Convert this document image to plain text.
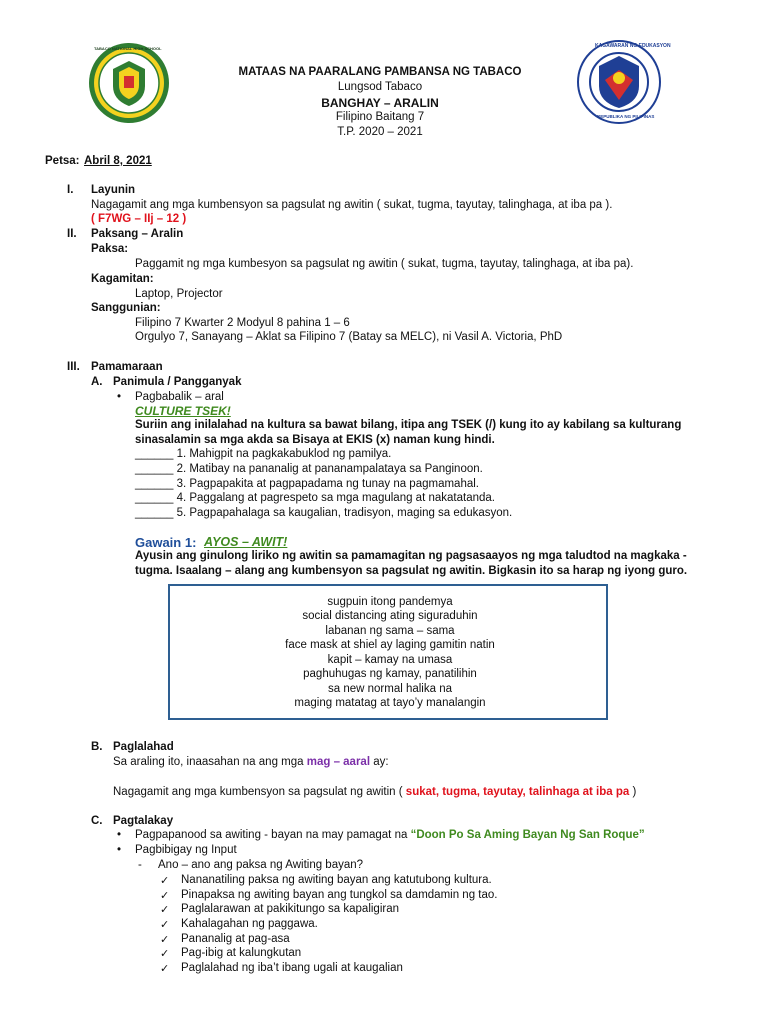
TABACO NATIONAL HIGH SCHOOL	KAGAWARAN NG EDUKASYON
REPUBLIKA NG PILIPINAS
MATAAS NA PAARALANG PAMBANSA NG TABACO
Lungsod Tabaco
BANGHAY – ARALIN
Filipino Baitang 7
T.P. 2020 – 2021
Petsa: Abril 8, 2021
I. Layunin
Nagagamit ang mga kumbensyon sa pagsulat ng awitin ( sukat, tugma, tayutay, talinghaga, at iba pa ).
( F7WG – IIj – 12 )
II. Paksang – Aralin
Paksa:
Paggamit ng mga kumbesyon sa pagsulat ng awitin ( sukat, tugma, tayutay, talinghaga, at iba pa).
Kagamitan:
Laptop, Projector
Sanggunian:
Filipino 7 Kwarter 2 Modyul 8 pahina 1 – 6
Orgulyo 7, Sanayang – Aklat sa Filipino 7 (Batay sa MELC), ni Vasil A. Victoria, PhD
III. Pamamaraan
A. Panimula / Pangganyak
• Pagbabalik – aral
CULTURE TSEK!
Suriin ang inilalahad na kultura sa bawat bilang, itipa ang TSEK (/) kung ito ay kabilang sa kulturang
sinasalamin sa mga akda sa Bisaya at EKIS (x) naman kung hindi.
______ 1. Mahigpit na pagkakabuklod ng pamilya.
______ 2. Matibay na pananalig at pananampalataya sa Panginoon.
______ 3. Pagpapakita at pagpapadama ng tunay na pagmamahal.
______ 4. Paggalang at pagrespeto sa mga magulang at nakatatanda.
______ 5. Pagpapahalaga sa kaugalian, tradisyon, maging sa edukasyon.
Gawain 1: AYOS – AWIT!
Ayusin ang ginulong liriko ng awitin sa pamamagitan ng pagsasaayos ng mga taludtod na magkaka -
tugma. Isaalang – alang ang kumbensyon sa pagsulat ng awitin. Bigkasin ito sa harap ng iyong guro.
sugpuin itong pandemya
social distancing ating siguraduhin
labanan ng sama – sama
face mask at shiel ay laging gamitin natin
kapit – kamay na umasa
paghuhugas ng kamay, panatilihin
sa new normal halika na
maging matatag at tayo’y manalangin
B. Paglalahad
Sa araling ito, inaasahan na ang mga mag – aaral ay:
Nagagamit ang mga kumbensyon sa pagsulat ng awitin ( sukat, tugma, tayutay, talinhaga at iba pa )
C. Pagtalakay
• Pagpapanood sa awiting - bayan na may pamagat na “Doon Po Sa Aming Bayan Ng San Roque”
• Pagbibigay ng Input
- Ano – ano ang paksa ng Awiting bayan?
✓ Nananatiling paksa ng awiting bayan ang katutubong kultura.
✓ Pinapaksa ng awiting bayan ang tungkol sa damdamin ng tao.
✓ Paglalarawan at pakikitungo sa kapaligiran
✓ Kahalagahan ng paggawa.
✓ Pananalig at pag-asa
✓ Pag-ibig at kalungkutan
✓ Paglalahad ng iba’t ibang ugali at kaugalian
